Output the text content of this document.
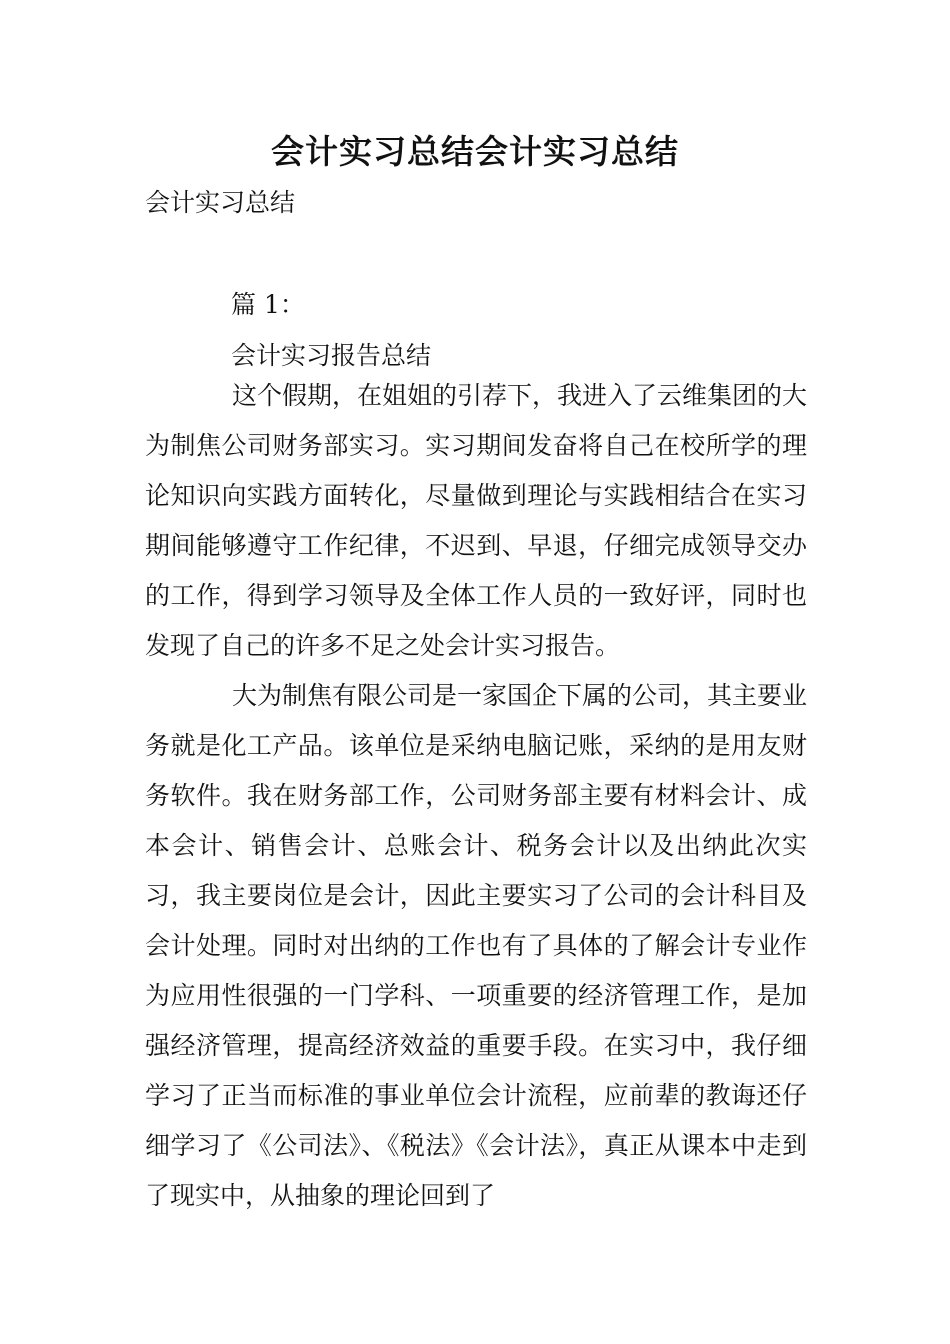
会计实习总结会计实习总结
会计实习总结
篇 1：
会计实习报告总结

这个假期，在姐姐的引荐下，我进入了云维集团的大为制焦公司财务部实习。实习期间发奋将自己在校所学的理论知识向实践方面转化，尽量做到理论与实践相结合在实习期间能够遵守工作纪律，不迟到、早退，仔细完成领导交办的工作，得到学习领导及全体工作人员的一致好评，同时也发现了自己的许多不足之处会计实习报告。

大为制焦有限公司是一家国企下属的公司，其主要业务就是化工产品。该单位是采纳电脑记账，采纳的是用友财务软件。我在财务部工作，公司财务部主要有材料会计、成本会计、销售会计、总账会计、税务会计以及出纳此次实习，我主要岗位是会计，因此主要实习了公司的会计科目及会计处理。同时对出纳的工作也有了具体的了解会计专业作为应用性很强的一门学科、一项重要的经济管理工作，是加强经济管理，提高经济效益的重要手段。在实习中，我仔细学习了正当而标准的事业单位会计流程，应前辈的教诲还仔细学习了《公司法》、《税法》《会计法》，真正从课本中走到了现实中，从抽象的理论回到了
